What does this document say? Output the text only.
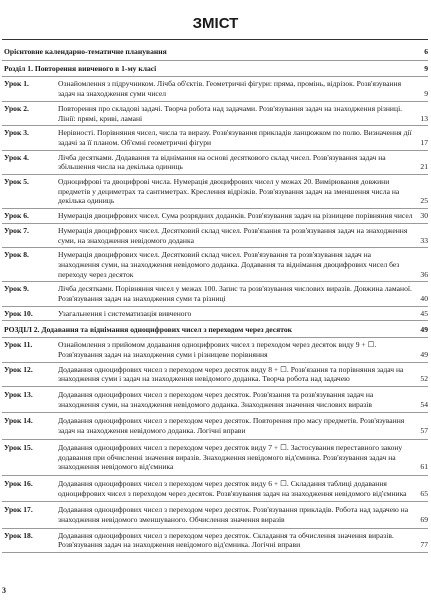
ЗМІСТ
Орієнтовне календарно-тематичне планування	6
Розділ 1. Повторення вивченого в 1-му класі	9
Урок 1.	Ознайомлення з підручником. Лічба об'єктів. Геометричні фігури: пряма, промінь, відрізок. Розв'язування задач на знаходження суми чисел	9
Урок 2.	Повторення про складові задачі. Творча робота над задачами. Розв'язування задач на знаходження різниці. Лінії: прямі, криві, ламані	13
Урок 3.	Нерівності. Порівняння чисел, числа та виразу. Розв'язування прикладів ланцюжком по полю. Визначення дії задачі за її планом. Об'ємні геометричні фігури	17
Урок 4.	Лічба десятками. Додавання та віднімання на основі десяткового склад чисел. Розв'язування задач на збільшення числа на декілька одиниць	21
Урок 5.	Одноцифрові та двоцифрові числа. Нумерація двоцифрових чисел у межах 20. Вимірювання довжини предметів у дециметрах та сантиметрах. Креслення відрізків. Розв'язування задач на зменшення числа на декілька одиниць	25
Урок 6.	Нумерація двоцифрових чисел. Сума розрядних доданків. Розв'язування задач на різницеве порівняння чисел 30
Урок 7.	Нумерація двоцифрових чисел. Десятковий склад чисел. Розв'язання та розв'язування задач на знаходження суми, на знаходження невідомого доданка	33
Урок 8.	Нумерація двоцифрових чисел. Десятковий склад чисел. Розв'язування та розв'язування задач на знаходження суми, на знаходження невідомого доданка. Додавання та віднімання двоцифрових чисел без переходу через десяток	36
Урок 9.	Лічба десятками. Порівняння чисел у межах 100. Запис та розв'язування числових виразів. Довжина ламаної. Розв'язування задач на знаходження суми та різниці	40
Урок 10.	Узагальнення і систематизація вивченого	45
РОЗДІЛ 2. Додавання та віднімання одноцифрових чисел з переходом через десяток	49
Урок 11.	Ознайомлення з прийомом додавання одноцифрових чисел з переходом через десяток виду 9 + ☐. Розв'язування задач на знаходження суми і різницеве порівняння	49
Урок 12.	Додавання одноцифрових чисел з переходом через десяток виду 8 + ☐. Розв'язання та порівняння задач на знаходження суми і задач на знаходження невідомого доданка. Творча робота над задачею	52
Урок 13.	Додавання одноцифрових чисел з переходом через десяток. Розв'язання та розв'язування задач на знаходження суми, на знаходження невідомого доданка. Знаходження значення числових виразів	54
Урок 14.	Додавання одноцифрових чисел з переходом через десяток. Повторення про масу предметів. Розв'язування задач на знаходження невідомого доданка. Логічні вправи	57
Урок 15.	Додавання одноцифрових чисел з переходом через десяток виду 7 + ☐. Застосування переставного закону додавання при обчисленні значення виразів. Знаходження невідомого від'ємника. Розв'язування задач на знаходження невідомого від'ємника	61
Урок 16.	Додавання одноцифрових чисел з переходом через десяток виду 6 + ☐. Складання таблиці додавання одноцифрових чисел з переходом через десяток. Розв'язування задач на знаходження невідомого від'ємника 65
Урок 17.	Додавання одноцифрових чисел з переходом через десяток. Розв'язування прикладів. Робота над задачею на знаходження невідомого зменшуваного. Обчислення значення виразів	69
Урок 18.	Додавання одноцифрових чисел з переходом через десяток. Складання та обчислення значення виразів. Розв'язування задач на знаходження невідомого від'ємника. Логічні вправи	77
3
